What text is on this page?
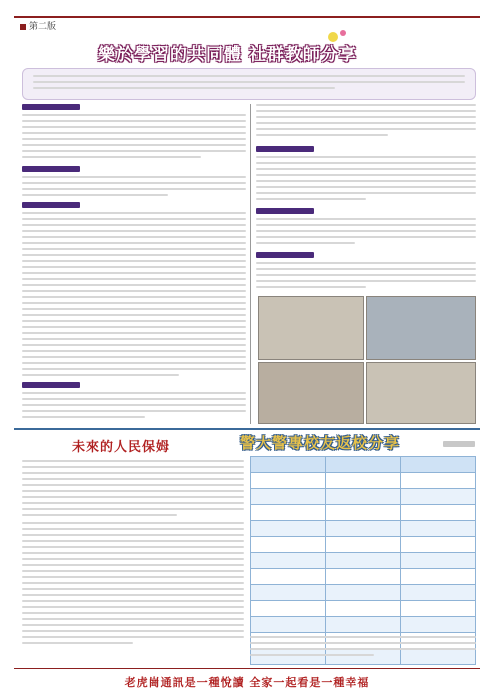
第二版
樂於學習的共同體 社群教師分享
未來的人民保姆	警大警專校友返校分享

老虎崗通訊是一種悅讀 全家一起看是一種幸福
